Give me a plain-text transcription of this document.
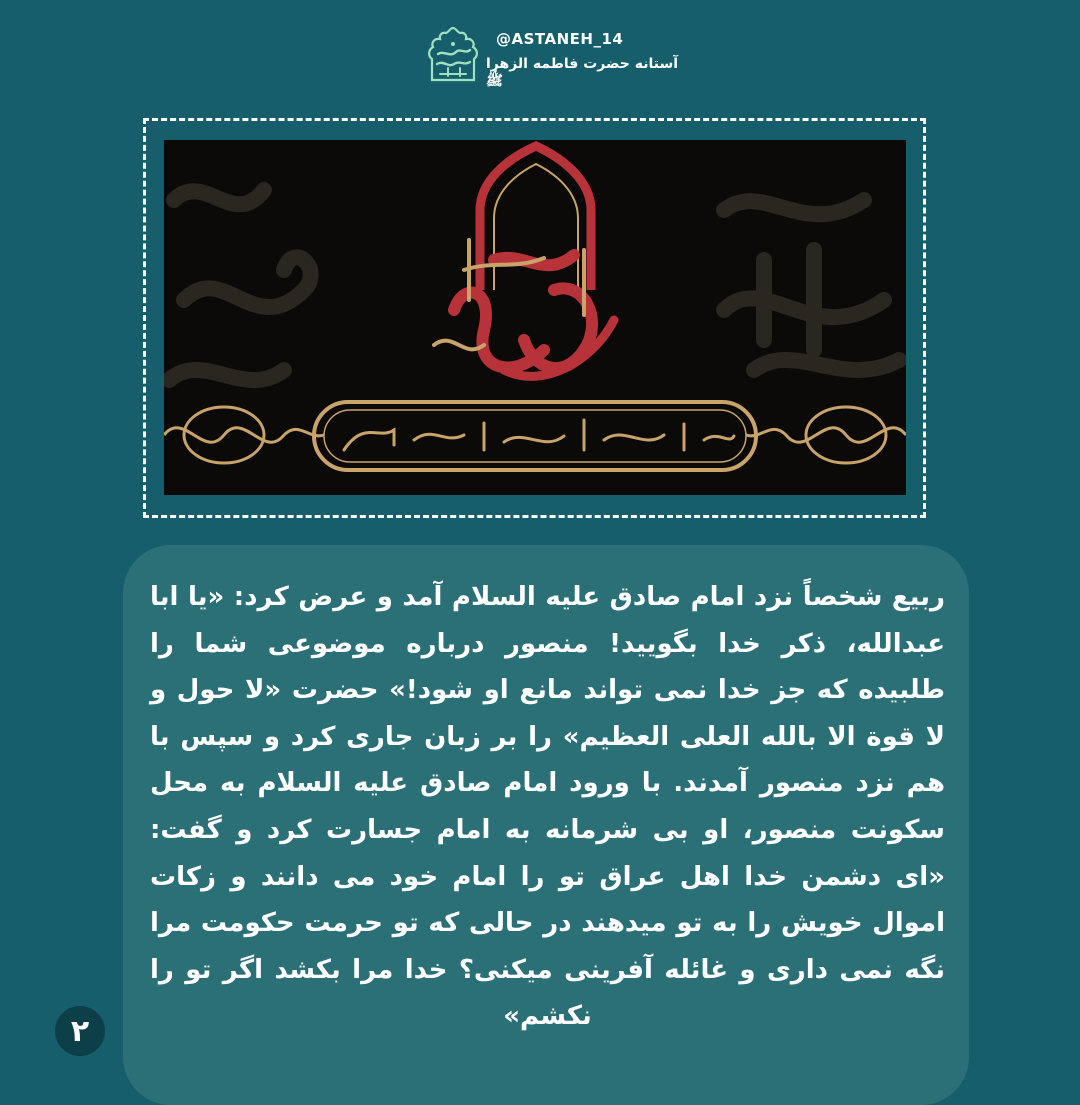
@ASTANEH_14
آستانه حضرت فاطمه الزهرا ﷺ
ربیع شخصاً نزد امام صادق علیه السلام آمد و عرض کرد: «یا ابا عبدالله، ذکر خدا بگویید! منصور درباره موضوعی شما را طلبیده که جز خدا نمی تواند مانع او شود!» حضرت «لا حول و لا قوة الا بالله العلی العظیم» را بر زبان جاری کرد و سپس با هم نزد منصور آمدند. با ورود امام صادق علیه السلام به محل سکونت منصور، او بی شرمانه به امام جسارت کرد و گفت: «ای دشمن خدا اهل عراق تو را امام خود می دانند و زکات اموال خویش را به تو میدهند در حالی که تو حرمت حکومت مرا نگه نمی داری و غائله آفرینی میکنی؟ خدا مرا بکشد اگر تو را نکشم»
۲
